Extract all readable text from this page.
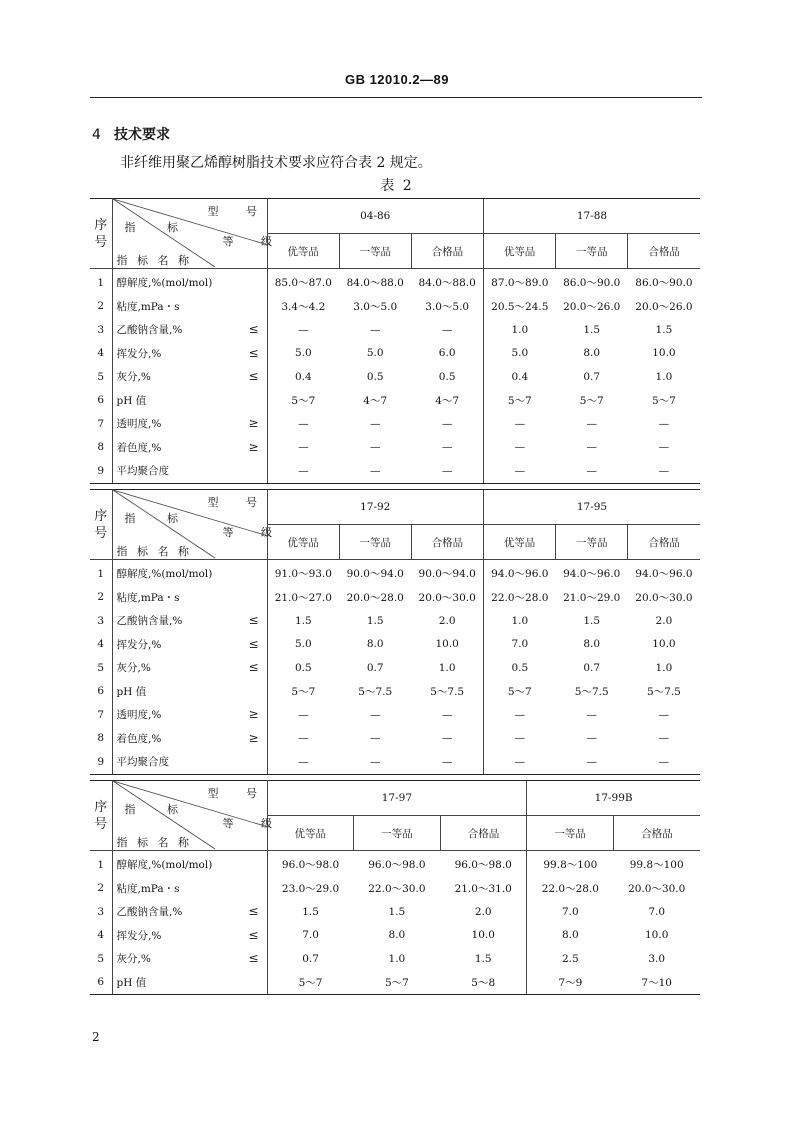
GB 12010.2—89
4 技术要求
非纤维用聚乙烯醇树脂技术要求应符合表 2 规定。
表 2
序
号	型 号
指 标
等 级
指 标 名 称	04-86			17-88		
		优等品	一等品	合格品	优等品	一等品	合格品
1	醇解度,%(mol/mol)	85.0～87.0	84.0～88.0	84.0～88.0	87.0～89.0	86.0～90.0	86.0～90.0
2	粘度,mPa・s	3.4～4.2	3.0～5.0	3.0～5.0	20.5～24.5	20.0～26.0	20.0～26.0
3	乙酸钠含量,% ≤	—	—	—	1.0	1.5	1.5
4	挥发分,% ≤	5.0	5.0	6.0	5.0	8.0	10.0
5	灰分,% ≤	0.4	0.5	0.5	0.4	0.7	1.0
6	pH 值	5～7	4～7	4～7	5～7	5～7	5～7
7	透明度,% ≥	—	—	—	—	—	—
8	着色度,% ≥	—	—	—	—	—	—
9	平均聚合度	—	—	—	—	—	—
序
号	型 号
指 标
等 级
指 标 名 称	17-92			17-95		
		优等品	一等品	合格品	优等品	一等品	合格品
1	醇解度,%(mol/mol)	91.0～93.0	90.0～94.0	90.0～94.0	94.0～96.0	94.0～96.0	94.0～96.0
2	粘度,mPa・s	21.0～27.0	20.0～28.0	20.0～30.0	22.0～28.0	21.0～29.0	20.0～30.0
3	乙酸钠含量,% ≤	1.5	1.5	2.0	1.0	1.5	2.0
4	挥发分,% ≤	5.0	8.0	10.0	7.0	8.0	10.0
5	灰分,% ≤	0.5	0.7	1.0	0.5	0.7	1.0
6	pH 值	5～7	5～7.5	5～7.5	5～7	5～7.5	5～7.5
7	透明度,% ≥	—	—	—	—	—	—
8	着色度,% ≥	—	—	—	—	—	—
9	平均聚合度	—	—	—	—	—	—
序
号	型 号
指 标
等 级
指 标 名 称	17-97			17-99B	
		优等品	一等品	合格品	一等品	合格品
1	醇解度,%(mol/mol)	96.0～98.0	96.0～98.0	96.0～98.0	99.8～100	99.8～100
2	粘度,mPa・s	23.0～29.0	22.0～30.0	21.0～31.0	22.0～28.0	20.0～30.0
3	乙酸钠含量,% ≤	1.5	1.5	2.0	7.0	7.0
4	挥发分,% ≤	7.0	8.0	10.0	8.0	10.0
5	灰分,% ≤	0.7	1.0	1.5	2.5	3.0
6	pH 值	5～7	5～7	5～8	7～9	7～10
2
